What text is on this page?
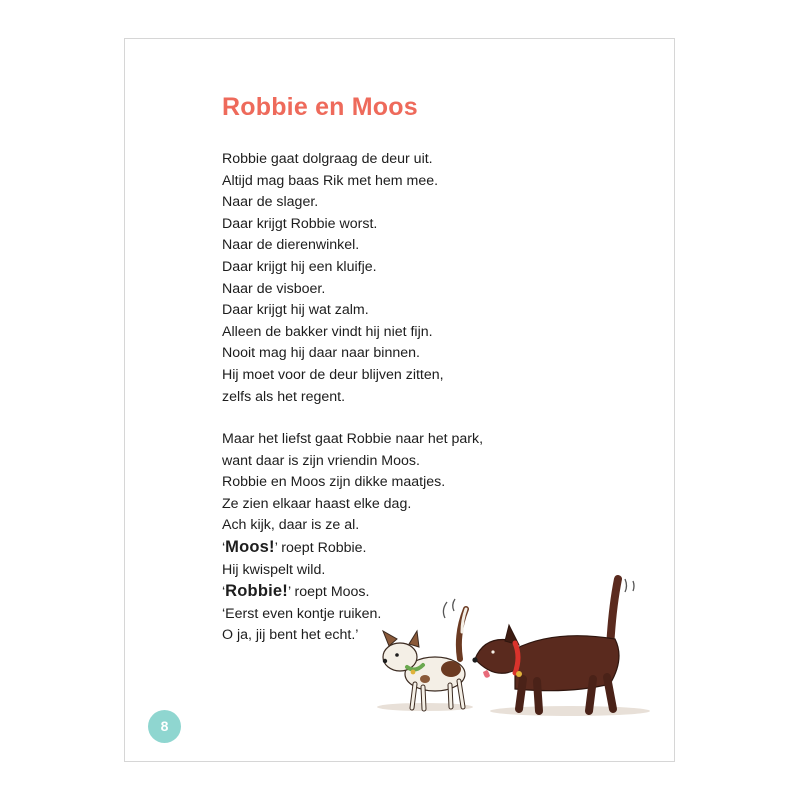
Robbie en Moos
Robbie gaat dolgraag de deur uit.
Altijd mag baas Rik met hem mee.
Naar de slager.
Daar krijgt Robbie worst.
Naar de dierenwinkel.
Daar krijgt hij een kluifje.
Naar de visboer.
Daar krijgt hij wat zalm.
Alleen de bakker vindt hij niet fijn.
Nooit mag hij daar naar binnen.
Hij moet voor de deur blijven zitten,
zelfs als het regent.
Maar het liefst gaat Robbie naar het park,
want daar is zijn vriendin Moos.
Robbie en Moos zijn dikke maatjes.
Ze zien elkaar haast elke dag.
Ach kijk, daar is ze al.
‘Moos!’ roept Robbie.
Hij kwispelt wild.
‘Robbie!’ roept Moos.
‘Eerst even kontje ruiken.
O ja, jij bent het echt.’
8
